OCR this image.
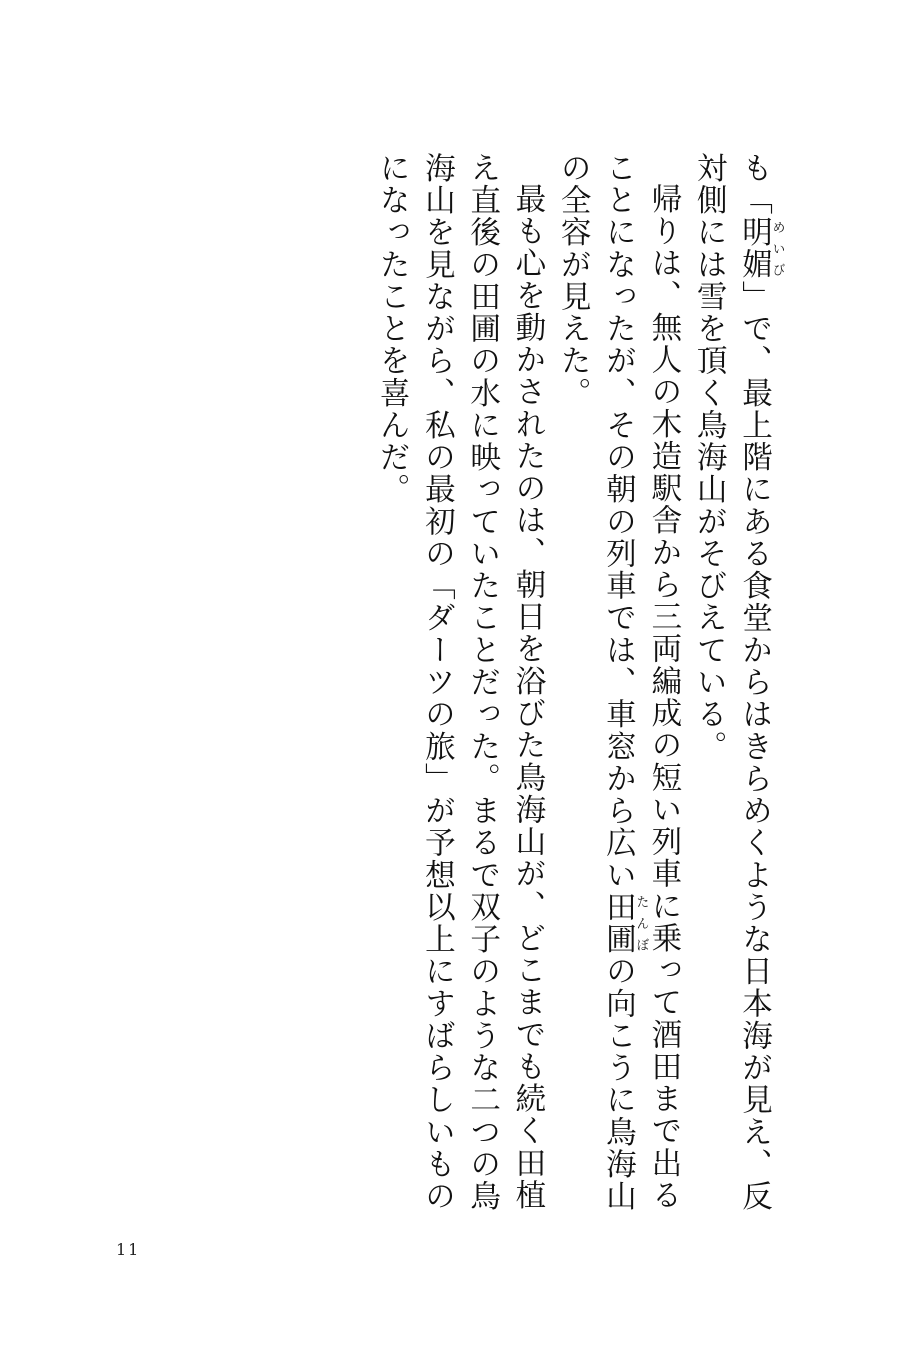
も「明媚めいび」で、最上階にある食堂からはきらめくような日本海が見え、反対側には雪を頂く鳥海山がそびえている。

帰りは、無人の木造駅舎から三両編成の短い列車に乗って酒田まで出ることになったが、その朝の列車では、車窓から広い田圃たんぼの向こうに鳥海山の全容が見えた。

最も心を動かされたのは、朝日を浴びた鳥海山が、どこまでも続く田植え直後の田圃の水に映っていたことだった。まるで双子のような二つの鳥海山を見ながら、私の最初の「ダーツの旅」が予想以上にすばらしいものになったことを喜んだ。

11
